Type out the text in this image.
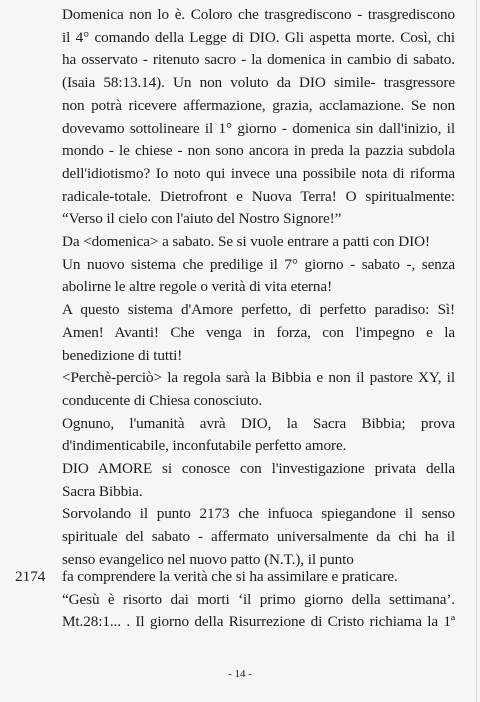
Domenica non lo è. Coloro che trasgrediscono - trasgrediscono
il 4° comando della Legge di DIO. Gli aspetta morte. Così, chi
ha osservato - ritenuto sacro - la domenica in cambio di sabato.
(Isaia 58:13.14). Un non voluto da DIO simile- trasgressore
non potrà ricevere affermazione, grazia, acclamazione. Se non
dovevamo sottolineare il 1° giorno - domenica sin dall'inizio, il
mondo - le chiese - non sono ancora in preda la pazzia subdola
dell'idiotismo? Io noto qui invece una possibile nota di riforma
radicale-totale. Dietrofront e Nuova Terra! O spiritualmente:
“Verso il cielo con l'aiuto del Nostro Signore!”
Da <domenica> a sabato. Se si vuole entrare a patti con DIO!
Un nuovo sistema che predilige il 7° giorno - sabato -, senza
abolirne le altre regole o verità di vita eterna!
A questo sistema d'Amore perfetto, di perfetto paradiso: Sì!
Amen! Avanti! Che venga in forza, con l'impegno e la
benedizione di tutti!
<Perchè-perciò> la regola sarà la Bibbia e non il pastore XY, il
conducente di Chiesa conosciuto.
Ognuno, l'umanità avrà DIO, la Sacra Bibbia; prova
d'indimenticabile, inconfutabile perfetto amore.
DIO AMORE si conosce con l'investigazione privata della
Sacra Bibbia.
Sorvolando il punto 2173 che infuoca spiegandone il senso
spirituale del sabato - affermato universalmente da chi ha il
senso evangelico nel nuovo patto (N.T.), il punto
fa comprendere la verità che si ha assimilare e praticare.
“Gesù è risorto dai morti ‘il primo giorno della settimana’.
Mt.28:1... . Il giorno della Risurrezione di Cristo richiama la 1ª
2174
- 14 -
